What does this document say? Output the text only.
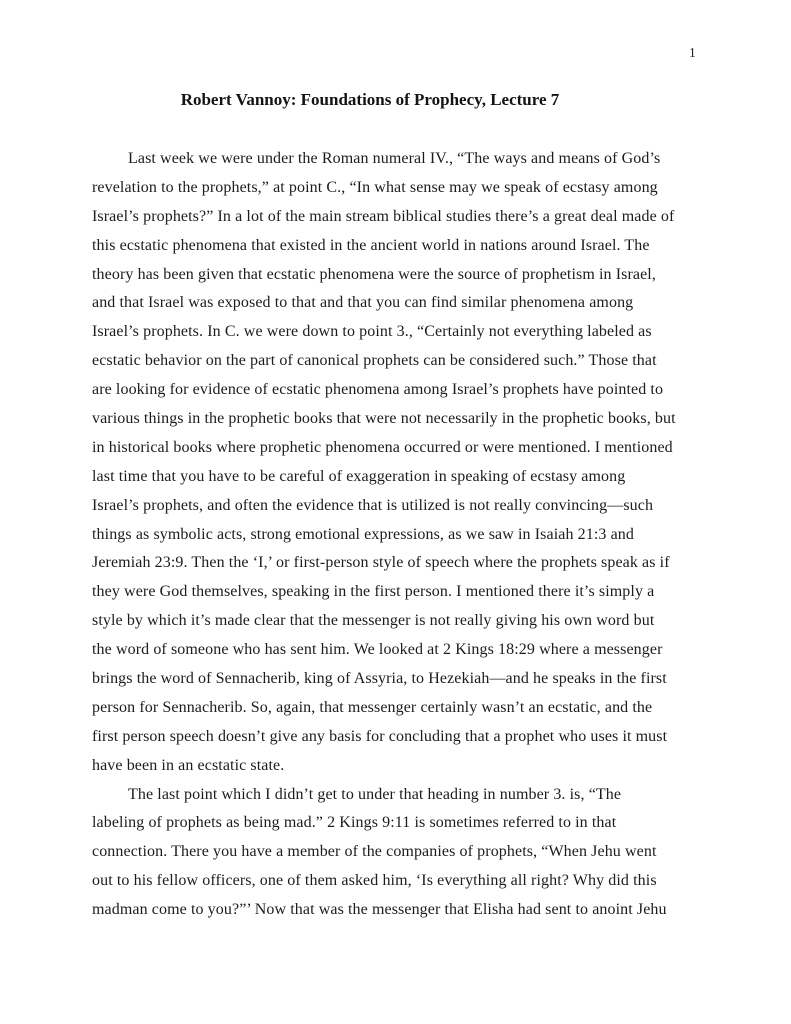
1
Robert Vannoy: Foundations of Prophecy, Lecture 7

Last week we were under the Roman numeral IV., “The ways and means of God’s
revelation to the prophets,” at point C., “In what sense may we speak of ecstasy among
Israel’s prophets?” In a lot of the main stream biblical studies there’s a great deal made of
this ecstatic phenomena that existed in the ancient world in nations around Israel. The
theory has been given that ecstatic phenomena were the source of prophetism in Israel,
and that Israel was exposed to that and that you can find similar phenomena among
Israel’s prophets. In C. we were down to point 3., “Certainly not everything labeled as
ecstatic behavior on the part of canonical prophets can be considered such.” Those that
are looking for evidence of ecstatic phenomena among Israel’s prophets have pointed to
various things in the prophetic books that were not necessarily in the prophetic books, but
in historical books where prophetic phenomena occurred or were mentioned. I mentioned
last time that you have to be careful of exaggeration in speaking of ecstasy among
Israel’s prophets, and often the evidence that is utilized is not really convincing—such
things as symbolic acts, strong emotional expressions, as we saw in Isaiah 21:3 and
Jeremiah 23:9. Then the ‘I,’ or first-person style of speech where the prophets speak as if
they were God themselves, speaking in the first person. I mentioned there it’s simply a
style by which it’s made clear that the messenger is not really giving his own word but
the word of someone who has sent him. We looked at 2 Kings 18:29 where a messenger
brings the word of Sennacherib, king of Assyria, to Hezekiah—and he speaks in the first
person for Sennacherib. So, again, that messenger certainly wasn’t an ecstatic, and the
first person speech doesn’t give any basis for concluding that a prophet who uses it must
have been in an ecstatic state.

The last point which I didn’t get to under that heading in number 3. is, “The
labeling of prophets as being mad.” 2 Kings 9:11 is sometimes referred to in that
connection. There you have a member of the companies of prophets, “When Jehu went
out to his fellow officers, one of them asked him, ‘Is everything all right? Why did this
madman come to you?”’ Now that was the messenger that Elisha had sent to anoint Jehu
